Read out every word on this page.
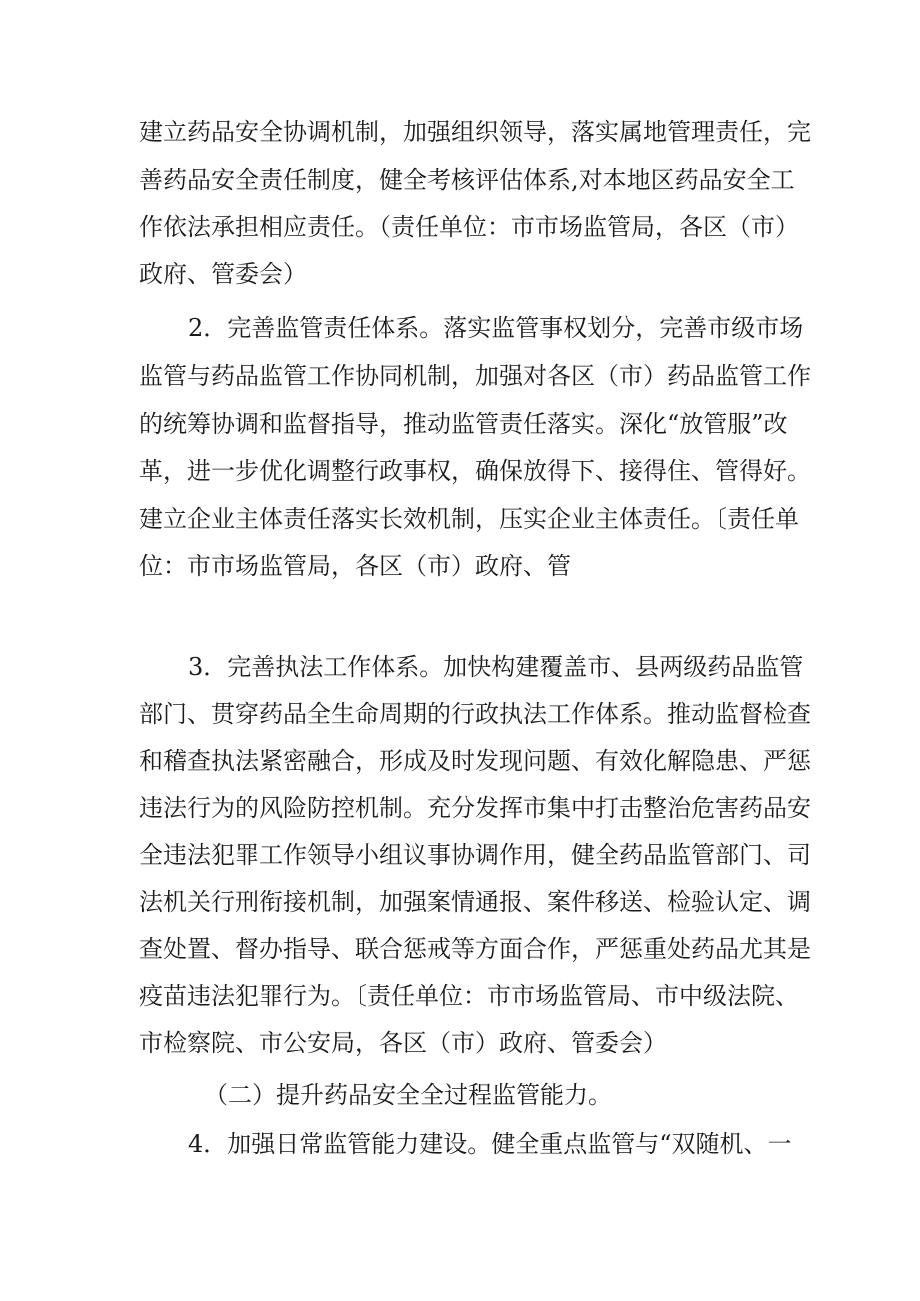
建立药品安全协调机制，加强组织领导，落实属地管理责任，完
善药品安全责任制度，健全考核评估体系,对本地区药品安全工
作依法承担相应责任。（责任单位：市市场监管局，各区（市）
政府、管委会）
2．完善监管责任体系。落实监管事权划分，完善市级市场
监管与药品监管工作协同机制，加强对各区（市）药品监管工作
的统筹协调和监督指导，推动监管责任落实。深化“放管服”改
革，进一步优化调整行政事权，确保放得下、接得住、管得好。
建立企业主体责任落实长效机制，压实企业主体责任。〔责任单
位：市市场监管局，各区（市）政府、管
3．完善执法工作体系。加快构建覆盖市、县两级药品监管
部门、贯穿药品全生命周期的行政执法工作体系。推动监督检查
和稽查执法紧密融合，形成及时发现问题、有效化解隐患、严惩
违法行为的风险防控机制。充分发挥市集中打击整治危害药品安
全违法犯罪工作领导小组议事协调作用，健全药品监管部门、司
法机关行刑衔接机制，加强案情通报、案件移送、检验认定、调
查处置、督办指导、联合惩戒等方面合作，严惩重处药品尤其是
疫苗违法犯罪行为。〔责任单位：市市场监管局、市中级法院、
市检察院、市公安局，各区（市）政府、管委会）
（二）提升药品安全全过程监管能力。
4．加强日常监管能力建设。健全重点监管与“双随机、一
